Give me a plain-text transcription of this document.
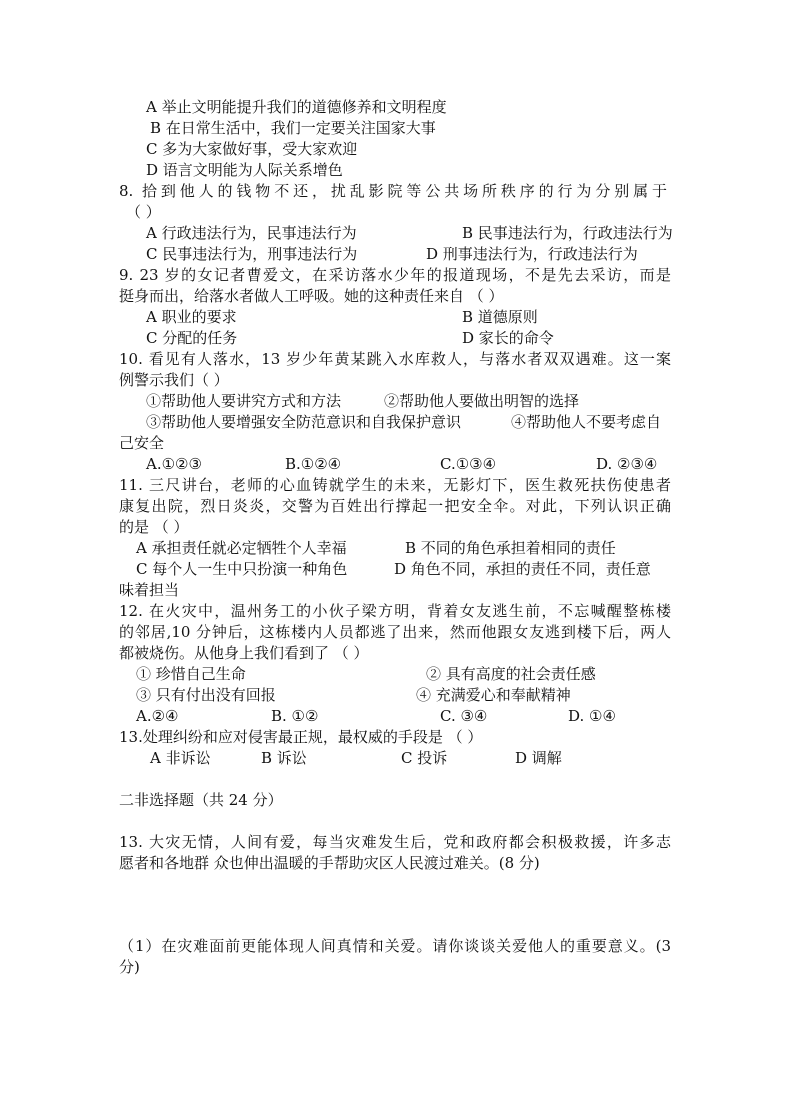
A 举止文明能提升我们的道德修养和文明程度
B 在日常生活中，我们一定要关注国家大事
C 多为大家做好事，受大家欢迎
D 语言文明能为人际关系增色
8. 拾到他人的钱物不还，扰乱影院等公共场所秩序的行为分别属于
（ ）
A 行政违法行为，民事违法行为	B 民事违法行为，行政违法行为
C 民事违法行为，刑事违法行为	D 刑事违法行为，行政违法行为
9. 23 岁的女记者曹爱文，在采访落水少年的报道现场，不是先去采访，而是
挺身而出，给落水者做人工呼吸。她的这种责任来自 （ ）
A 职业的要求	B 道德原则
C 分配的任务	D 家长的命令
10. 看见有人落水，13 岁少年黄某跳入水库救人，与落水者双双遇难。这一案
例警示我们（ ）
①帮助他人要讲究方式和方法	②帮助他人要做出明智的选择
③帮助他人要增强安全防范意识和自我保护意识	④帮助他人不要考虑自
己安全
A.①②③	B.①②④	C.①③④	D. ②③④
11. 三尺讲台，老师的心血铸就学生的未来，无影灯下，医生救死扶伤使患者
康复出院，烈日炎炎，交警为百姓出行撑起一把安全伞。对此，下列认识正确
的是 （ ）
A 承担责任就必定牺牲个人幸福	B 不同的角色承担着相同的责任
C 每个人一生中只扮演一种角色	D 角色不同，承担的责任不同，责任意
味着担当
12. 在火灾中，温州务工的小伙子梁方明，背着女友逃生前，不忘喊醒整栋楼
的邻居,10 分钟后，这栋楼内人员都逃了出来，然而他跟女友逃到楼下后，两人
都被烧伤。从他身上我们看到了 （ ）
① 珍惜自己生命	② 具有高度的社会责任感
③ 只有付出没有回报	④ 充满爱心和奉献精神
A.②④	B. ①②	C. ③④	D. ①④
13.处理纠纷和应对侵害最正规，最权威的手段是 （ ）
A 非诉讼	B 诉讼	C 投诉	D 调解
二非选择题（共 24 分）
13. 大灾无情，人间有爱，每当灾难发生后，党和政府都会积极救援，许多志
愿者和各地群 众也伸出温暖的手帮助灾区人民渡过难关。(8 分)
（1）在灾难面前更能体现人间真情和关爱。请你谈谈关爱他人的重要意义。(3
分)
